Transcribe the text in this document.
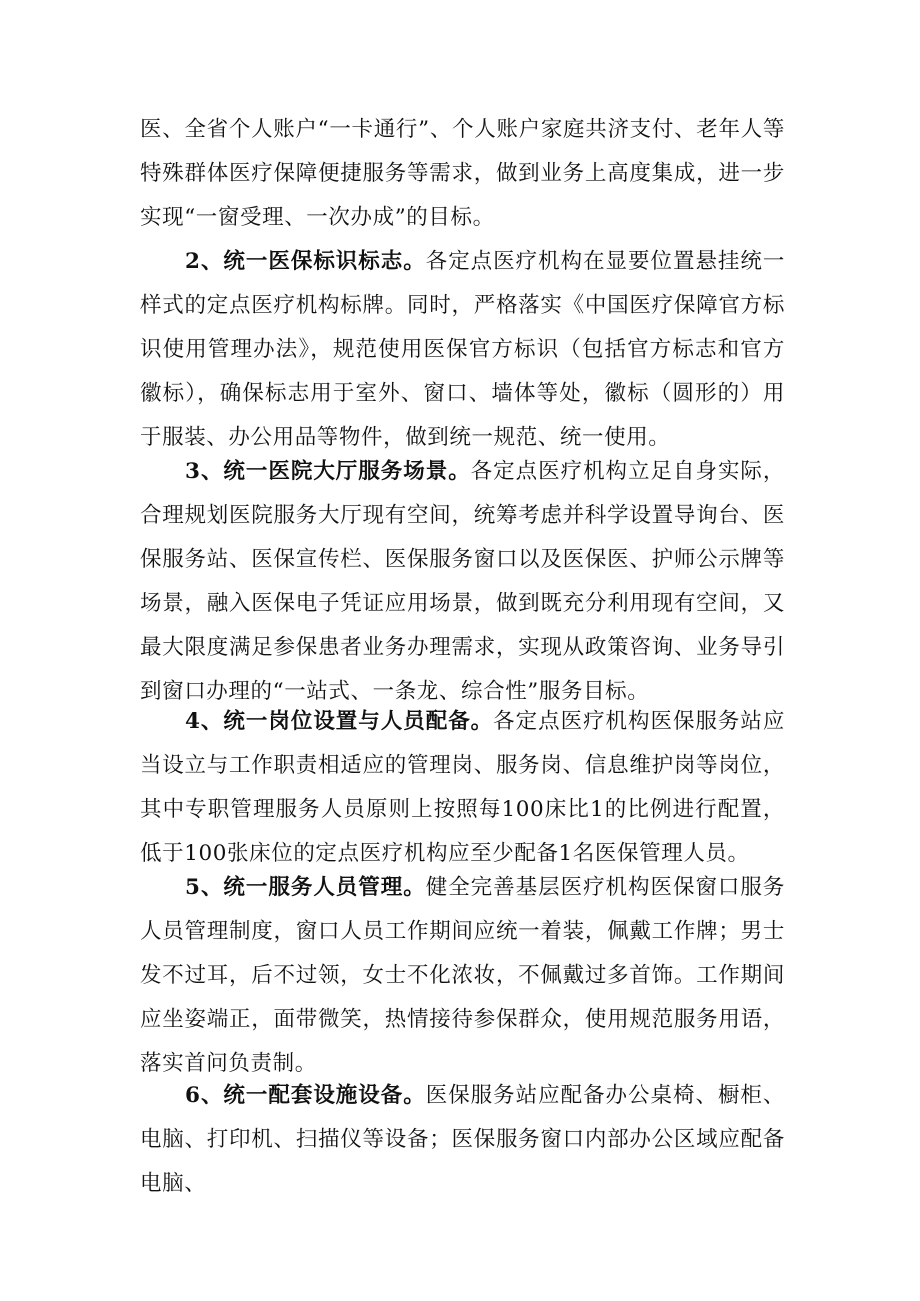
医、全省个人账户“一卡通行”、个人账户家庭共济支付、老年人等特殊群体医疗保障便捷服务等需求，做到业务上高度集成，进一步实现“一窗受理、一次办成”的目标。

2、统一医保标识标志。各定点医疗机构在显要位置悬挂统一样式的定点医疗机构标牌。同时，严格落实《中国医疗保障官方标识使用管理办法》，规范使用医保官方标识（包括官方标志和官方徽标），确保标志用于室外、窗口、墙体等处，徽标（圆形的）用于服装、办公用品等物件，做到统一规范、统一使用。

3、统一医院大厅服务场景。各定点医疗机构立足自身实际，合理规划医院服务大厅现有空间，统筹考虑并科学设置导询台、医保服务站、医保宣传栏、医保服务窗口以及医保医、护师公示牌等场景，融入医保电子凭证应用场景，做到既充分利用现有空间，又最大限度满足参保患者业务办理需求，实现从政策咨询、业务导引到窗口办理的“一站式、一条龙、综合性”服务目标。

4、统一岗位设置与人员配备。各定点医疗机构医保服务站应当设立与工作职责相适应的管理岗、服务岗、信息维护岗等岗位，其中专职管理服务人员原则上按照每100床比1的比例进行配置，低于100张床位的定点医疗机构应至少配备1名医保管理人员。

5、统一服务人员管理。健全完善基层医疗机构医保窗口服务人员管理制度，窗口人员工作期间应统一着装，佩戴工作牌；男士发不过耳，后不过领，女士不化浓妆，不佩戴过多首饰。工作期间应坐姿端正，面带微笑，热情接待参保群众，使用规范服务用语，落实首问负责制。

6、统一配套设施设备。医保服务站应配备办公桌椅、橱柜、电脑、打印机、扫描仪等设备；医保服务窗口内部办公区域应配备电脑、
